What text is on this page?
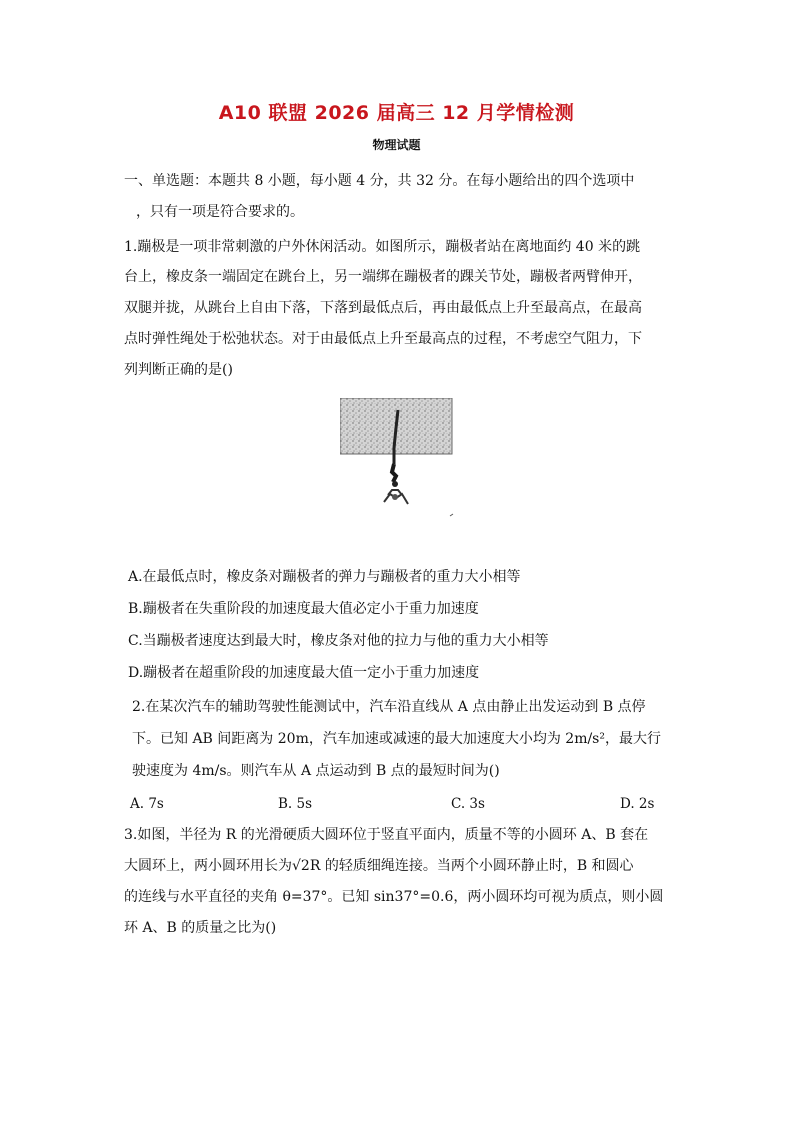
A10 联盟 2026 届高三 12 月学情检测
物理试题
一、单选题：本题共 8 小题，每小题 4 分，共 32 分。在每小题给出的四个选项中
，只有一项是符合要求的。
1.蹦极是一项非常刺激的户外休闲活动。如图所示，蹦极者站在离地面约 40 米的跳
台上，橡皮条一端固定在跳台上，另一端绑在蹦极者的踝关节处，蹦极者两臂伸开，
双腿并拢，从跳台上自由下落，下落到最低点后，再由最低点上升至最高点，在最高
点时弹性绳处于松弛状态。对于由最低点上升至最高点的过程，不考虑空气阻力，下
列判断正确的是()
A.在最低点时，橡皮条对蹦极者的弹力与蹦极者的重力大小相等
B.蹦极者在失重阶段的加速度最大值必定小于重力加速度
C.当蹦极者速度达到最大时，橡皮条对他的拉力与他的重力大小相等
D.蹦极者在超重阶段的加速度最大值一定小于重力加速度
2.在某次汽车的辅助驾驶性能测试中，汽车沿直线从 A 点由静止出发运动到 B 点停
下。已知 AB 间距离为 20m，汽车加速或减速的最大加速度大小均为 2m/s²，最大行
驶速度为 4m/s。则汽车从 A 点运动到 B 点的最短时间为()
A. 7s	B. 5s	C. 3s	D. 2s
3.如图，半径为 R 的光滑硬质大圆环位于竖直平面内，质量不等的小圆环 A、B 套在
大圆环上，两小圆环用长为√2R 的轻质细绳连接。当两个小圆环静止时，B 和圆心
的连线与水平直径的夹角 θ=37°。已知 sin37°=0.6，两小圆环均可视为质点，则小圆
环 A、B 的质量之比为()
